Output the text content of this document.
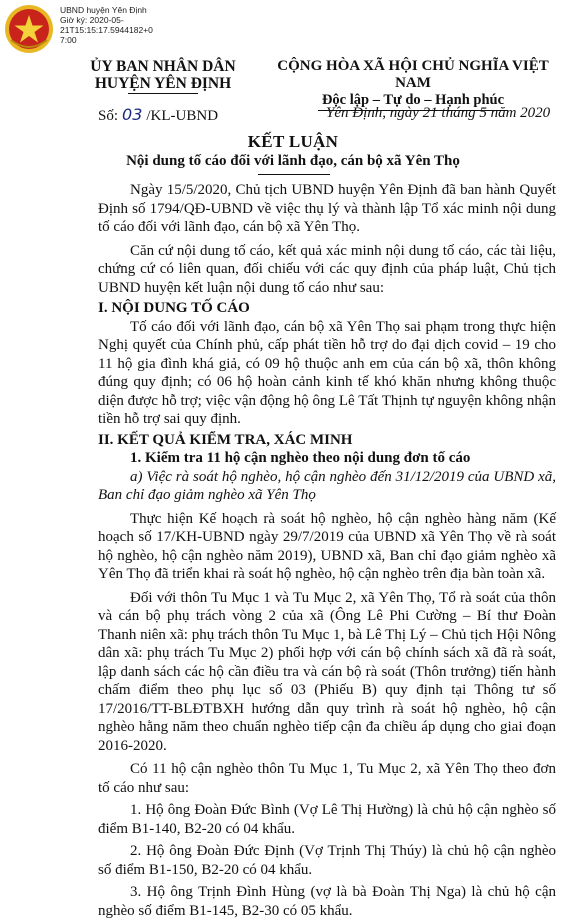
UBND huyện Yên Định
Giờ ký: 2020-05-
21T15:15:17.5944182+0
7:00
ỦY BAN NHÂN DÂN
HUYỆN YÊN ĐỊNH
CỘNG HÒA XÃ HỘI CHỦ NGHĨA VIỆT NAM
Độc lập – Tự do – Hạnh phúc
Số: 03 /KL-UBND	Yên Định, ngày 21 tháng 5 năm 2020
KẾT LUẬN
Nội dung tố cáo đối với lãnh đạo, cán bộ xã Yên Thọ

Ngày 15/5/2020, Chủ tịch UBND huyện Yên Định đã ban hành Quyết Định số 1794/QĐ-UBND về việc thụ lý và thành lập Tổ xác minh nội dung tố cáo đối với lãnh đạo, cán bộ xã Yên Thọ.

Căn cứ nội dung tố cáo, kết quả xác minh nội dung tố cáo, các tài liệu, chứng cứ có liên quan, đối chiếu với các quy định của pháp luật, Chủ tịch UBND huyện kết luận nội dung tố cáo như sau:

I. NỘI DUNG TỐ CÁO

Tố cáo đối với lãnh đạo, cán bộ xã Yên Thọ sai phạm trong thực hiện Nghị quyết của Chính phủ, cấp phát tiền hỗ trợ do đại dịch covid – 19 cho 11 hộ gia đình khá giả, có 09 hộ thuộc anh em của cán bộ xã, thôn không đúng quy định; có 06 hộ hoàn cảnh kinh tế khó khăn nhưng không thuộc diện được hỗ trợ; việc vận động hộ ông Lê Tất Thịnh tự nguyện không nhận tiền hỗ trợ sai quy định.

II. KẾT QUẢ KIỂM TRA, XÁC MINH

1. Kiểm tra 11 hộ cận nghèo theo nội dung đơn tố cáo

a) Việc rà soát hộ nghèo, hộ cận nghèo đến 31/12/2019 của UBND xã, Ban chỉ đạo giảm nghèo xã Yên Thọ

Thực hiện Kế hoạch rà soát hộ nghèo, hộ cận nghèo hàng năm (Kế hoạch số 17/KH-UBND ngày 29/7/2019 của UBND xã Yên Thọ về rà soát hộ nghèo, hộ cận nghèo năm 2019), UBND xã, Ban chỉ đạo giảm nghèo xã Yên Thọ đã triển khai rà soát hộ nghèo, hộ cận nghèo trên địa bàn toàn xã.

Đối với thôn Tu Mục 1 và Tu Mục 2, xã Yên Thọ, Tổ rà soát của thôn và cán bộ phụ trách vòng 2 của xã (Ông Lê Phi Cường – Bí thư Đoàn Thanh niên xã: phụ trách thôn Tu Mục 1, bà Lê Thị Lý – Chủ tịch Hội Nông dân xã: phụ trách Tu Mục 2) phối hợp với cán bộ chính sách xã đã rà soát, lập danh sách các hộ cần điều tra và cán bộ rà soát (Thôn trưởng) tiến hành chấm điểm theo phụ lục số 03 (Phiếu B) quy định tại Thông tư số 17/2016/TT-BLĐTBXH hướng dẫn quy trình rà soát hộ nghèo, hộ cận nghèo hằng năm theo chuẩn nghèo tiếp cận đa chiều áp dụng cho giai đoạn 2016-2020.

Có 11 hộ cận nghèo thôn Tu Mục 1, Tu Mục 2, xã Yên Thọ theo đơn tố cáo như sau:

1. Hộ ông Đoàn Đức Bình (Vợ Lê Thị Hường) là chủ hộ cận nghèo số điểm B1-140, B2-20 có 04 khẩu.

2. Hộ ông Đoàn Đức Định (Vợ Trịnh Thị Thúy) là chủ hộ cận nghèo số điểm B1-150, B2-20 có 04 khẩu.

3. Hộ ông Trịnh Đình Hùng (vợ là bà Đoàn Thị Nga) là chủ hộ cận nghèo số điểm B1-145, B2-30 có 05 khẩu.
